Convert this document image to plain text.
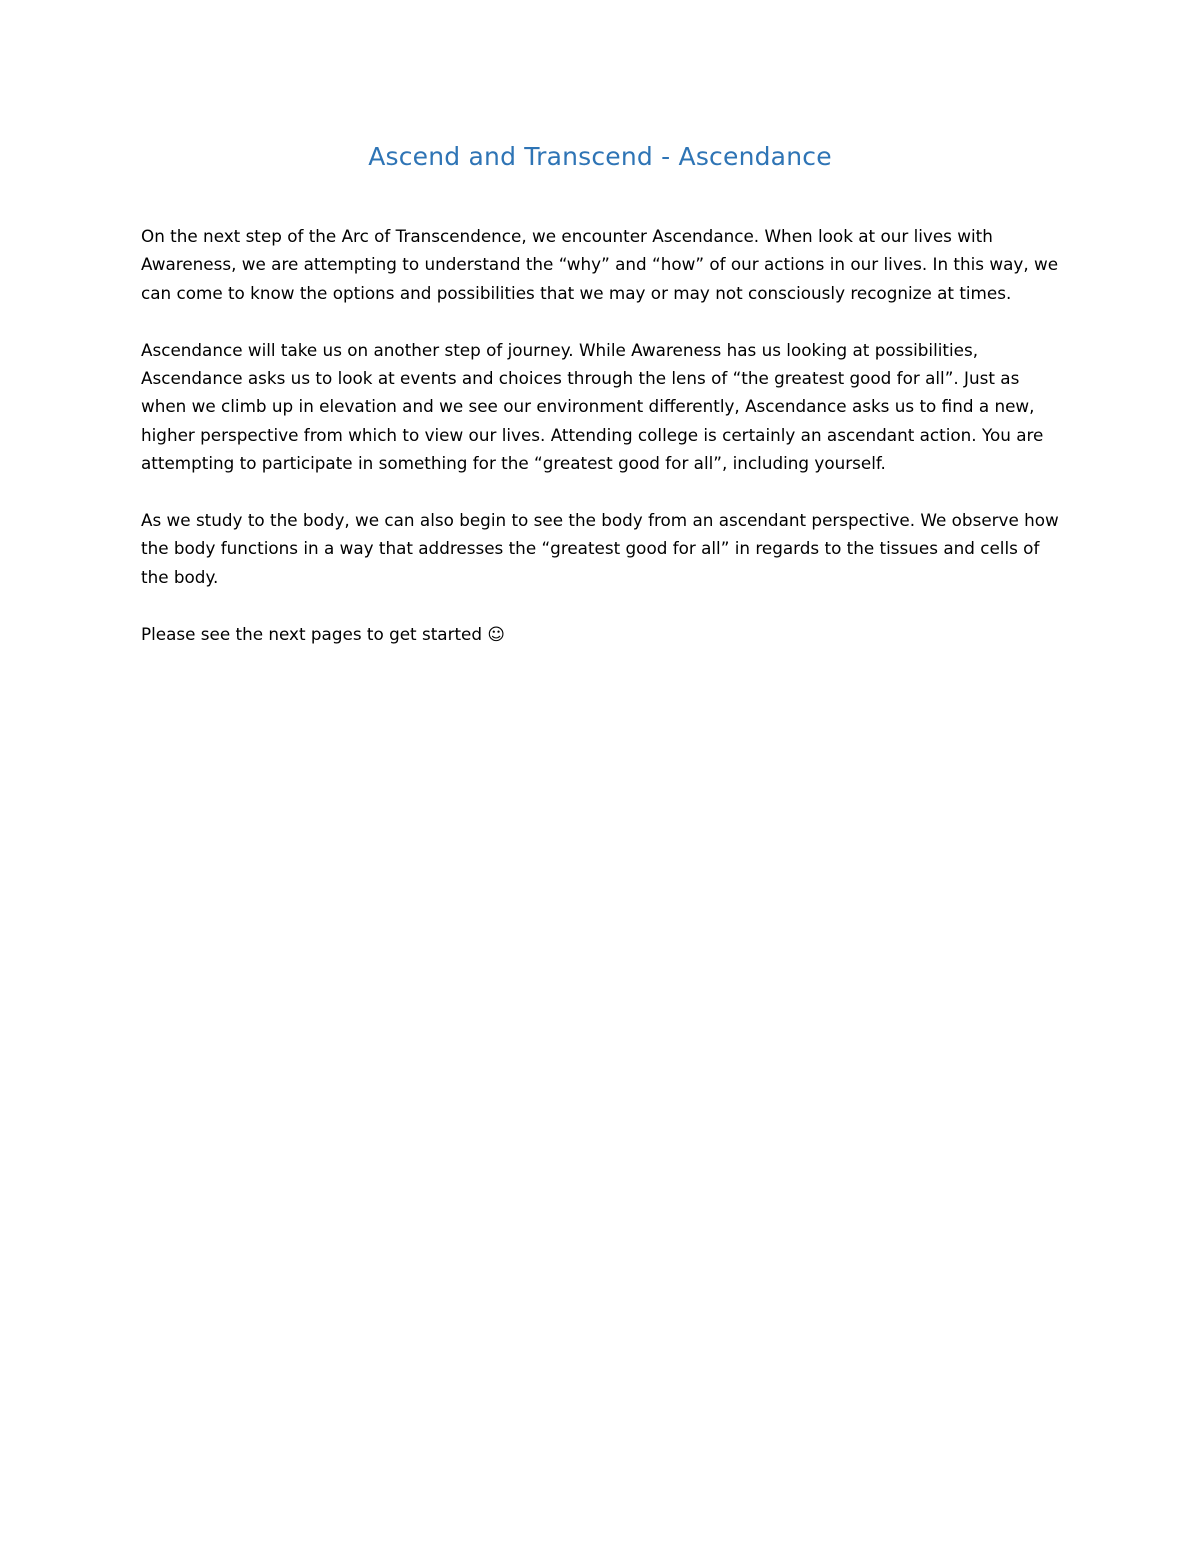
Ascend and Transcend - Ascendance

On the next step of the Arc of Transcendence, we encounter Ascendance. When look at our lives with Awareness, we are attempting to understand the “why” and “how” of our actions in our lives. In this way, we can come to know the options and possibilities that we may or may not consciously recognize at times.

Ascendance will take us on another step of journey. While Awareness has us looking at possibilities, Ascendance asks us to look at events and choices through the lens of “the greatest good for all”. Just as when we climb up in elevation and we see our environment differently, Ascendance asks us to find a new, higher perspective from which to view our lives. Attending college is certainly an ascendant action. You are attempting to participate in something for the “greatest good for all”, including yourself.

As we study to the body, we can also begin to see the body from an ascendant perspective. We observe how the body functions in a way that addresses the “greatest good for all” in regards to the tissues and cells of the body.

Please see the next pages to get started ☺
